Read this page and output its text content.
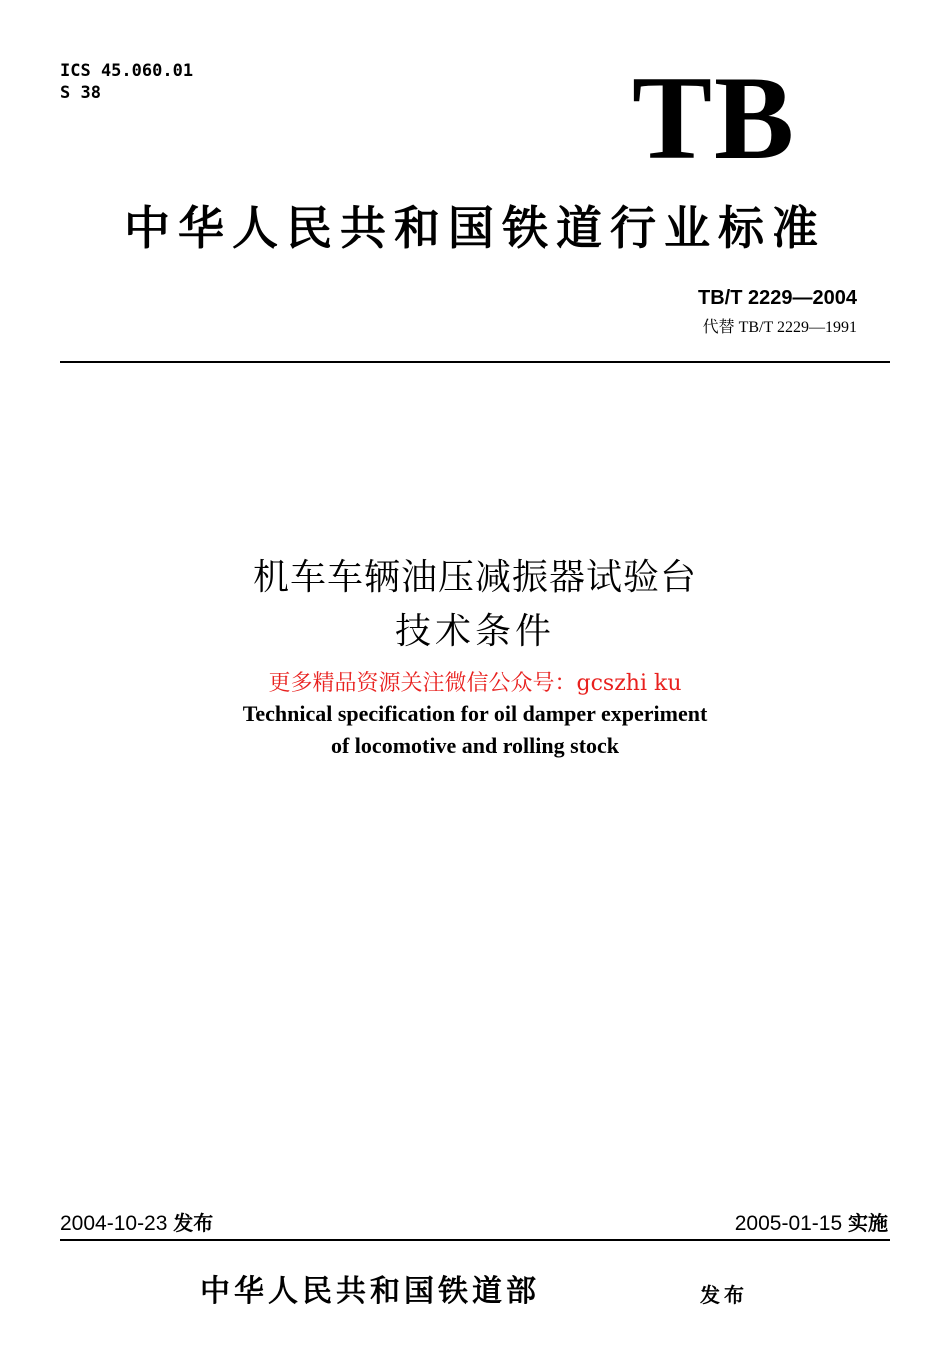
ICS 45.060.01
S 38	TB
中华人民共和国铁道行业标准
TB/T 2229—2004
代替 TB/T 2229—1991
机车车辆油压减振器试验台
技术条件
更多精品资源关注微信公众号：gcszhi ku
Technical specification for oil damper experiment
of locomotive and rolling stock
2004-10-23 发布	2005-01-15 实施
中华人民共和国铁道部	发布
